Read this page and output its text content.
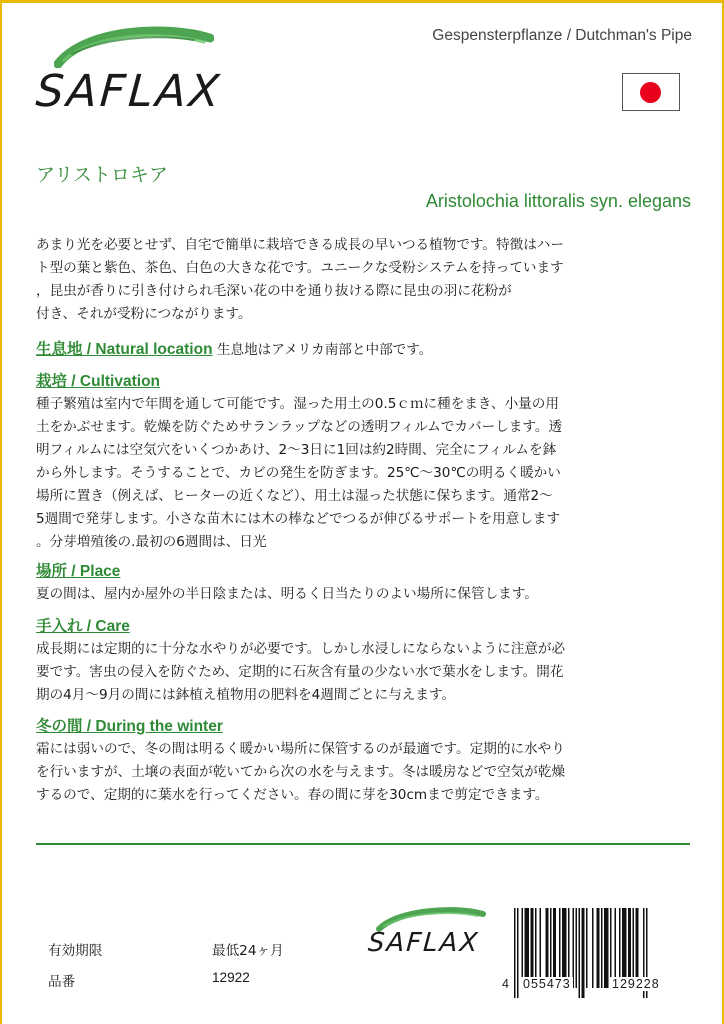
SAFLAX
Gespensterpflanze / Dutchman's Pipe
アリストロキア
Aristolochia littoralis syn. elegans
あまり光を必要とせず、自宅で簡単に栽培できる成長の早いつる植物です。特徴はハー
ト型の葉と紫色、茶色、白色の大きな花です。ユニークな受粉システムを持っています
，昆虫が香りに引き付けられ毛深い花の中を通り抜ける際に昆虫の羽に花粉が
付き、それが受粉につながります。
生息地 / Natural location 生息地はアメリカ南部と中部です。
栽培 / Cultivation
種子繁殖は室内で年間を通して可能です。湿った用土の0.5ｃｍに種をまき、小量の用
土をかぶせます。乾燥を防ぐためサランラップなどの透明フィルムでカバーします。透
明フィルムには空気穴をいくつかあけ、2～3日に1回は約2時間、完全にフィルムを鉢
から外します。そうすることで、カビの発生を防ぎます。25℃～30℃の明るく暖かい
場所に置き（例えば、ヒーターの近くなど）、用土は湿った状態に保ちます。通常2～
5週間で発芽します。小さな苗木には木の棒などでつるが伸びるサポートを用意します
。分芽増殖後の.最初の6週間は、日光
場所 / Place
夏の間は、屋内か屋外の半日陰または、明るく日当たりのよい場所に保管します。
手入れ / Care
成長期には定期的に十分な水やりが必要です。しかし水浸しにならないように注意が必
要です。害虫の侵入を防ぐため、定期的に石灰含有量の少ない水で葉水をします。開花
期の4月～9月の間には鉢植え植物用の肥料を4週間ごとに与えます。
冬の間 / During the winter
霜には弱いので、冬の間は明るく暖かい場所に保管するのが最適です。定期的に水やり
を行いますが、土壌の表面が乾いてから次の水を与えます。冬は暖房などで空気が乾燥
するので、定期的に葉水を行ってください。春の間に芽を30cmまで剪定できます。
有効期限	最低24ヶ月
品番	12922
SAFLAX
4 055473	129228
